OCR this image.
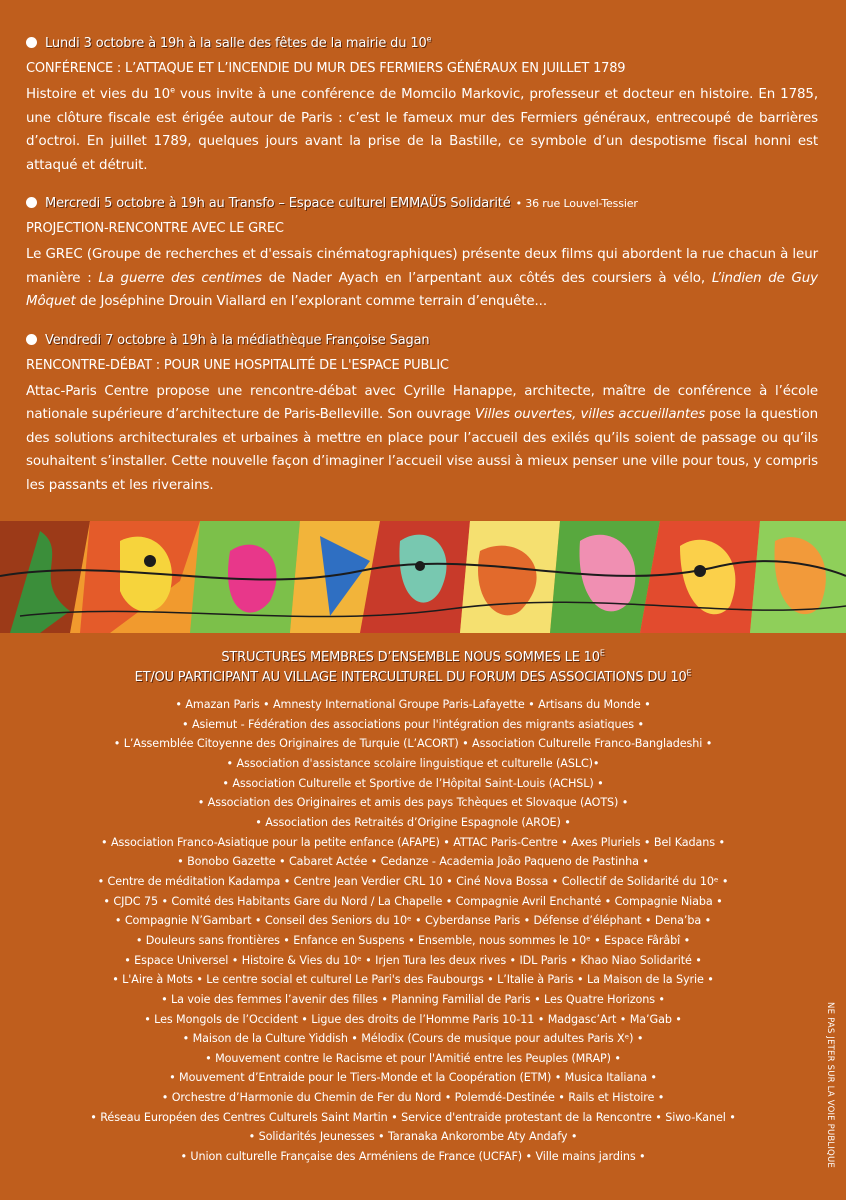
Lundi 3 octobre à 19h à la salle des fêtes de la mairie du 10e
CONFÉRENCE : L’ATTAQUE ET L’INCENDIE DU MUR DES FERMIERS GÉNÉRAUX EN JUILLET 1789
Histoire et vies du 10e vous invite à une conférence de Momcilo Markovic, professeur et docteur en histoire. En 1785, une clôture fiscale est érigée autour de Paris : c’est le fameux mur des Fermiers généraux, entrecoupé de barrières d’octroi. En juillet 1789, quelques jours avant la prise de la Bastille, ce symbole d’un despotisme fiscal honni est attaqué et détruit.
Mercredi 5 octobre à 19h au Transfo – Espace culturel EMMAÜS Solidarité • 36 rue Louvel-Tessier
PROJECTION-RENCONTRE AVEC LE GREC
Le GREC (Groupe de recherches et d'essais cinématographiques) présente deux films qui abordent la rue chacun à leur manière : La guerre des centimes de Nader Ayach en l’arpentant aux côtés des coursiers à vélo, L’indien de Guy Môquet de Joséphine Drouin Viallard en l’explorant comme terrain d’enquête...
Vendredi 7 octobre à 19h à la médiathèque Françoise Sagan
RENCONTRE-DÉBAT : POUR UNE HOSPITALITÉ DE L'ESPACE PUBLIC
Attac-Paris Centre propose une rencontre-débat avec Cyrille Hanappe, architecte, maître de conférence à l’école nationale supérieure d’architecture de Paris-Belleville. Son ouvrage Villes ouvertes, villes accueillantes pose la question des solutions architecturales et urbaines à mettre en place pour l’accueil des exilés qu’ils soient de passage ou qu’ils souhaitent s’installer. Cette nouvelle façon d’imaginer l’accueil vise aussi à mieux penser une ville pour tous, y compris les passants et les riverains.
STRUCTURES MEMBRES D’ENSEMBLE NOUS SOMMES LE $10^E$
ET/OU PARTICIPANT AU VILLAGE INTERCULTUREL DU FORUM DES ASSOCIATIONS DU $10^E$
• Amazan Paris • Amnesty International Groupe Paris-Lafayette • Artisans du Monde •
• Asiemut - Fédération des associations pour l'intégration des migrants asiatiques •
• L’Assemblée Citoyenne des Originaires de Turquie (L’ACORT) • Association Culturelle Franco-Bangladeshi •
• Association d'assistance scolaire linguistique et culturelle (ASLC)•
• Association Culturelle et Sportive de l’Hôpital Saint-Louis (ACHSL) •
• Association des Originaires et amis des pays Tchèques et Slovaque (AOTS) •
• Association des Retraités d’Origine Espagnole (AROE) •
• Association Franco-Asiatique pour la petite enfance (AFAPE) • ATTAC Paris-Centre • Axes Pluriels • Bel Kadans •
• Bonobo Gazette • Cabaret Actée • Cedanze - Academia João Paqueno de Pastinha •
• Centre de méditation Kadampa • Centre Jean Verdier CRL 10 • Ciné Nova Bossa • Collectif de Solidarité du 10ᵉ •
• CJDC 75 • Comité des Habitants Gare du Nord / La Chapelle • Compagnie Avril Enchanté • Compagnie Niaba •
• Compagnie N’Gambart • Conseil des Seniors du 10ᵉ • Cyberdanse Paris • Défense d’éléphant • Dena’ba •
• Douleurs sans frontières • Enfance en Suspens • Ensemble, nous sommes le 10ᵉ • Espace Fârâbî •
• Espace Universel • Histoire & Vies du 10ᵉ • Irjen Tura les deux rives • IDL Paris • Khao Niao Solidarité •
• L'Aire à Mots • Le centre social et culturel Le Pari's des Faubourgs • L’Italie à Paris • La Maison de la Syrie •
• La voie des femmes l’avenir des filles • Planning Familial de Paris • Les Quatre Horizons •
• Les Mongols de l’Occident • Ligue des droits de l’Homme Paris 10-11 • Madgasc’Art • Ma’Gab •
• Maison de la Culture Yiddish • Mélodix (Cours de musique pour adultes Paris Xᵉ) •
• Mouvement contre le Racisme et pour l'Amitié entre les Peuples (MRAP) •
• Mouvement d’Entraide pour le Tiers-Monde et la Coopération (ETM) • Musica Italiana •
• Orchestre d’Harmonie du Chemin de Fer du Nord • Polemdé-Destinée • Rails et Histoire •
• Réseau Européen des Centres Culturels Saint Martin • Service d'entraide protestant de la Rencontre • Siwo-Kanel •
• Solidarités Jeunesses • Taranaka Ankorombe Aty Andafy •
• Union culturelle Française des Arméniens de France (UCFAF) • Ville mains jardins •	NE PAS JETER SUR LA VOIE PUBLIQUE
